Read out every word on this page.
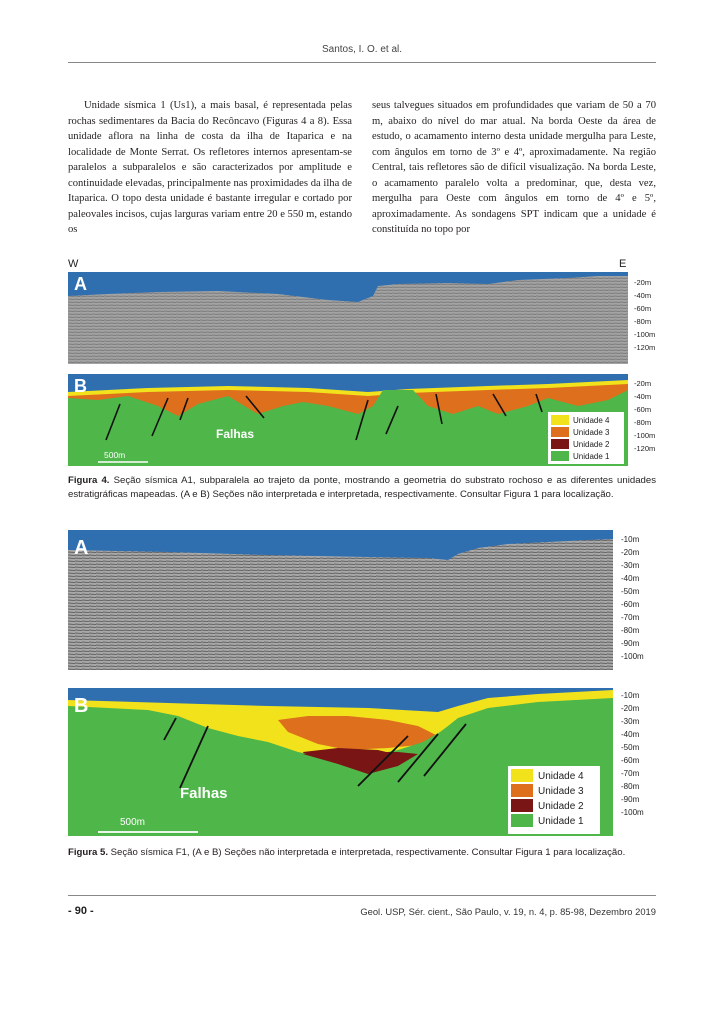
Santos, I. O. et al.
Unidade sísmica 1 (Us1), a mais basal, é representada pelas rochas sedimentares da Bacia do Recôncavo (Figuras 4 a 8). Essa unidade aflora na linha de costa da ilha de Itaparica e na localidade de Monte Serrat. Os refletores internos apresentam-se paralelos a subparalelos e são caracterizados por amplitude e continuidade elevadas, principalmente nas proximidades da ilha de Itaparica. O topo desta unidade é bastante irregular e cortado por paleovales incisos, cujas larguras variam entre 20 e 550 m, estando os
seus talvegues situados em profundidades que variam de 50 a 70 m, abaixo do nível do mar atual. Na borda Oeste da área de estudo, o acamamento interno desta unidade mergulha para Leste, com ângulos em torno de 3º e 4º, aproximadamente. Na região Central, tais refletores são de difícil visualização. Na borda Leste, o acamamento paralelo volta a predominar, que, desta vez, mergulha para Oeste com ângulos em torno de 4º e 5º, aproximadamente. As sondagens SPT indicam que a unidade é constituída no topo por
W	E
A	-20m
-40m
-60m
-80m
-100m
-120m
B
Falhas
500m
Unidade 4
Unidade 3
Unidade 2
Unidade 1
-20m
-40m
-60m
-80m
-100m
-120m
Figura 4. Seção sísmica A1, subparalela ao trajeto da ponte, mostrando a geometria do substrato rochoso e as diferentes unidades estratigráficas mapeadas. (A e B) Seções não interpretada e interpretada, respectivamente. Consultar Figura 1 para localização.
A	-10m
-20m
-30m
-40m
-50m
-60m
-70m
-80m
-90m
-100m
B
Falhas
500m
Unidade 4
Unidade 3
Unidade 2
Unidade 1
-10m
-20m
-30m
-40m
-50m
-60m
-70m
-80m
-90m
-100m
Figura 5. Seção sísmica F1, (A e B) Seções não interpretada e interpretada, respectivamente. Consultar Figura 1 para localização.
- 90 -	Geol. USP, Sér. cient., São Paulo, v. 19, n. 4, p. 85-98, Dezembro 2019
